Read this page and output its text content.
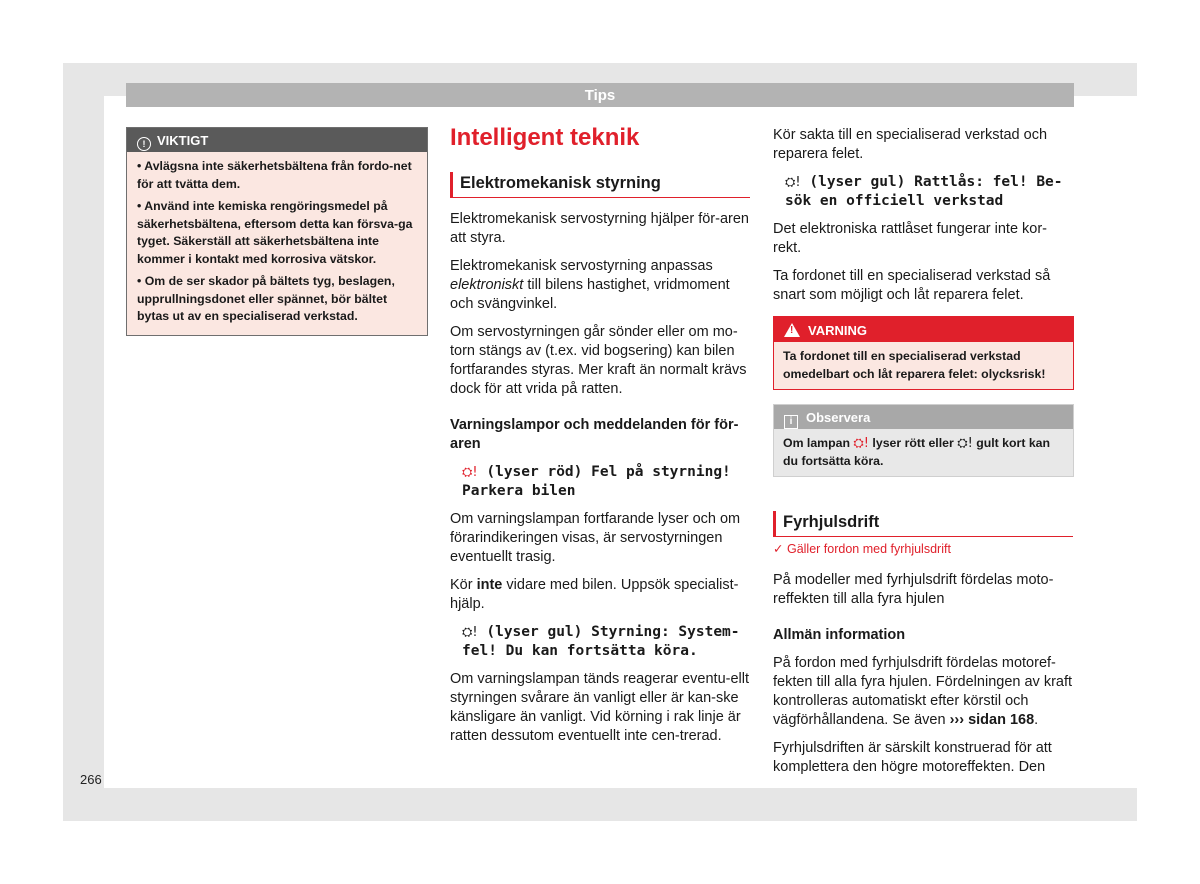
Tips
! VIKTIGT
• Avlägsna inte säkerhetsbältena från fordo-net för att tvätta dem.
• Använd inte kemiska rengöringsmedel på säkerhetsbältena, eftersom detta kan försva-ga tyget. Säkerställ att säkerhetsbältena inte kommer i kontakt med korrosiva vätskor.
• Om de ser skador på bältets tyg, beslagen, upprullningsdonet eller spännet, bör bältet bytas ut av en specialiserad verkstad.
Intelligent teknik
Elektromekanisk styrning

Elektromekanisk servostyrning hjälper för-aren att styra.

Elektromekanisk servostyrning anpassas elektroniskt till bilens hastighet, vridmoment och svängvinkel.

Om servostyrningen går sönder eller om mo-torn stängs av (t.ex. vid bogsering) kan bilen fortfarandes styras. Mer kraft än normalt krävs dock för att vrida på ratten.

Varningslampor och meddelanden för för-aren

⛭! (lyser röd) Fel på styrning! Parkera bilen

Om varningslampan fortfarande lyser och om förarindikeringen visas, är servostyrningen eventuellt trasig.

Kör inte vidare med bilen. Uppsök specialist-hjälp.

⛭! (lyser gul) Styrning: System-fel! Du kan fortsätta köra.

Om varningslampan tänds reagerar eventu-ellt styrningen svårare än vanligt eller är kan-ske känsligare än vanligt. Vid körning i rak linje är ratten dessutom eventuellt inte cen-trerad.

Kör sakta till en specialiserad verkstad och reparera felet.

⛭! (lyser gul) Rattlås: fel! Be-sök en officiell verkstad

Det elektroniska rattlåset fungerar inte kor-rekt.

Ta fordonet till en specialiserad verkstad så snart som möjligt och låt reparera felet.

! VARNING
Ta fordonet till en specialiserad verkstad omedelbart och låt reparera felet: olycksrisk!
i Observera
Om lampan ⛭! lyser rött eller ⛭! gult kort kan du fortsätta köra.
Fyrhjulsdrift

✓ Gäller fordon med fyrhjulsdrift

På modeller med fyrhjulsdrift fördelas moto-reffekten till alla fyra hjulen

Allmän information

På fordon med fyrhjulsdrift fördelas motoref-fekten till alla fyra hjulen. Fördelningen av kraft kontrolleras automatiskt efter körstil och vägförhållandena. Se även ››› sidan 168.

Fyrhjulsdriften är särskilt konstruerad för att komplettera den högre motoreffekten. Den

266
